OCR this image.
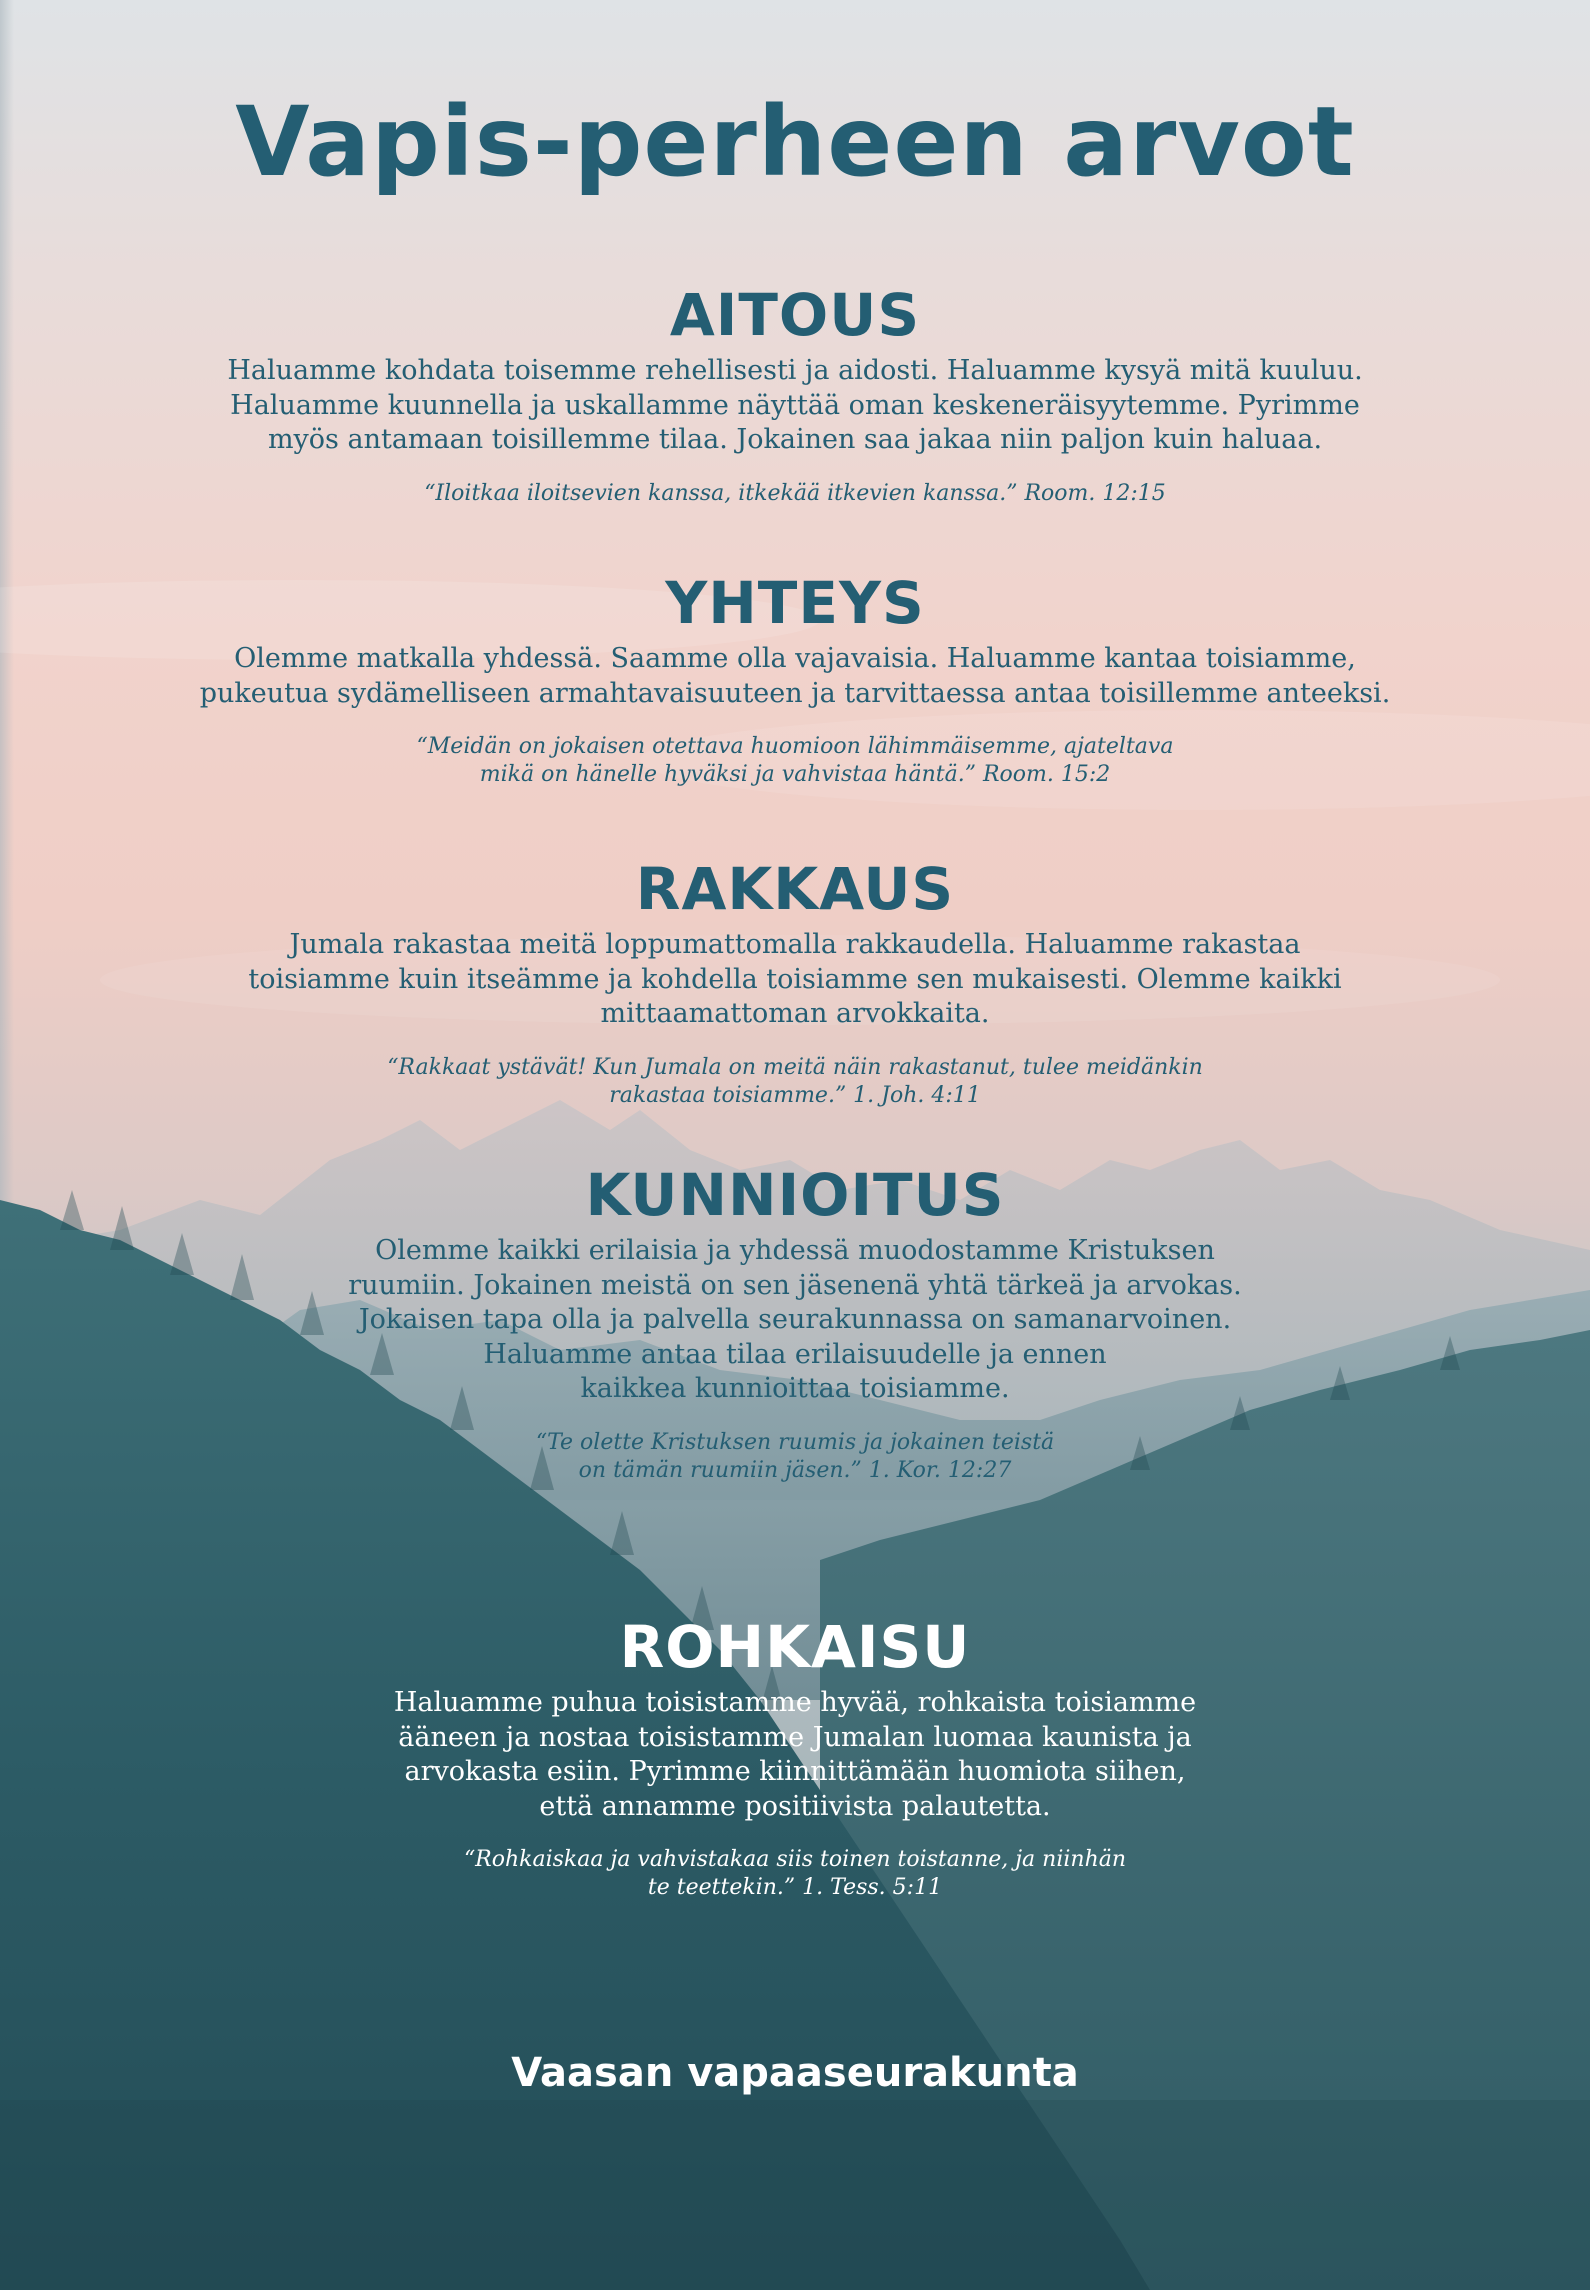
Vapis-perheen arvot
AITOUS

Haluamme kohdata toisemme rehellisesti ja aidosti. Haluamme kysyä mitä kuuluu.
Haluamme kuunnella ja uskallamme näyttää oman keskeneräisyytemme. Pyrimme
myös antamaan toisillemme tilaa. Jokainen saa jakaa niin paljon kuin haluaa.

“Iloitkaa iloitsevien kanssa, itkekää itkevien kanssa.” Room. 12:15

YHTEYS

Olemme matkalla yhdessä. Saamme olla vajavaisia. Haluamme kantaa toisiamme,
pukeutua sydämelliseen armahtavaisuuteen ja tarvittaessa antaa toisillemme anteeksi.

“Meidän on jokaisen otettava huomioon lähimmäisemme, ajateltava
mikä on hänelle hyväksi ja vahvistaa häntä.” Room. 15:2

RAKKAUS

Jumala rakastaa meitä loppumattomalla rakkaudella. Haluamme rakastaa
toisiamme kuin itseämme ja kohdella toisiamme sen mukaisesti. Olemme kaikki
mittaamattoman arvokkaita.

“Rakkaat ystävät! Kun Jumala on meitä näin rakastanut, tulee meidänkin
rakastaa toisiamme.” 1. Joh. 4:11

KUNNIOITUS

Olemme kaikki erilaisia ja yhdessä muodostamme Kristuksen
ruumiin. Jokainen meistä on sen jäsenenä yhtä tärkeä ja arvokas.
Jokaisen tapa olla ja palvella seurakunnassa on samanarvoinen.
Haluamme antaa tilaa erilaisuudelle ja ennen
kaikkea kunnioittaa toisiamme.

“Te olette Kristuksen ruumis ja jokainen teistä
on tämän ruumiin jäsen.” 1. Kor. 12:27

ROHKAISU

Haluamme puhua toisistamme hyvää, rohkaista toisiamme
ääneen ja nostaa toisistamme Jumalan luomaa kaunista ja
arvokasta esiin. Pyrimme kiinnittämään huomiota siihen,
että annamme positiivista palautetta.

“Rohkaiskaa ja vahvistakaa siis toinen toistanne, ja niinhän
te teettekin.” 1. Tess. 5:11

Vaasan vapaaseurakunta
